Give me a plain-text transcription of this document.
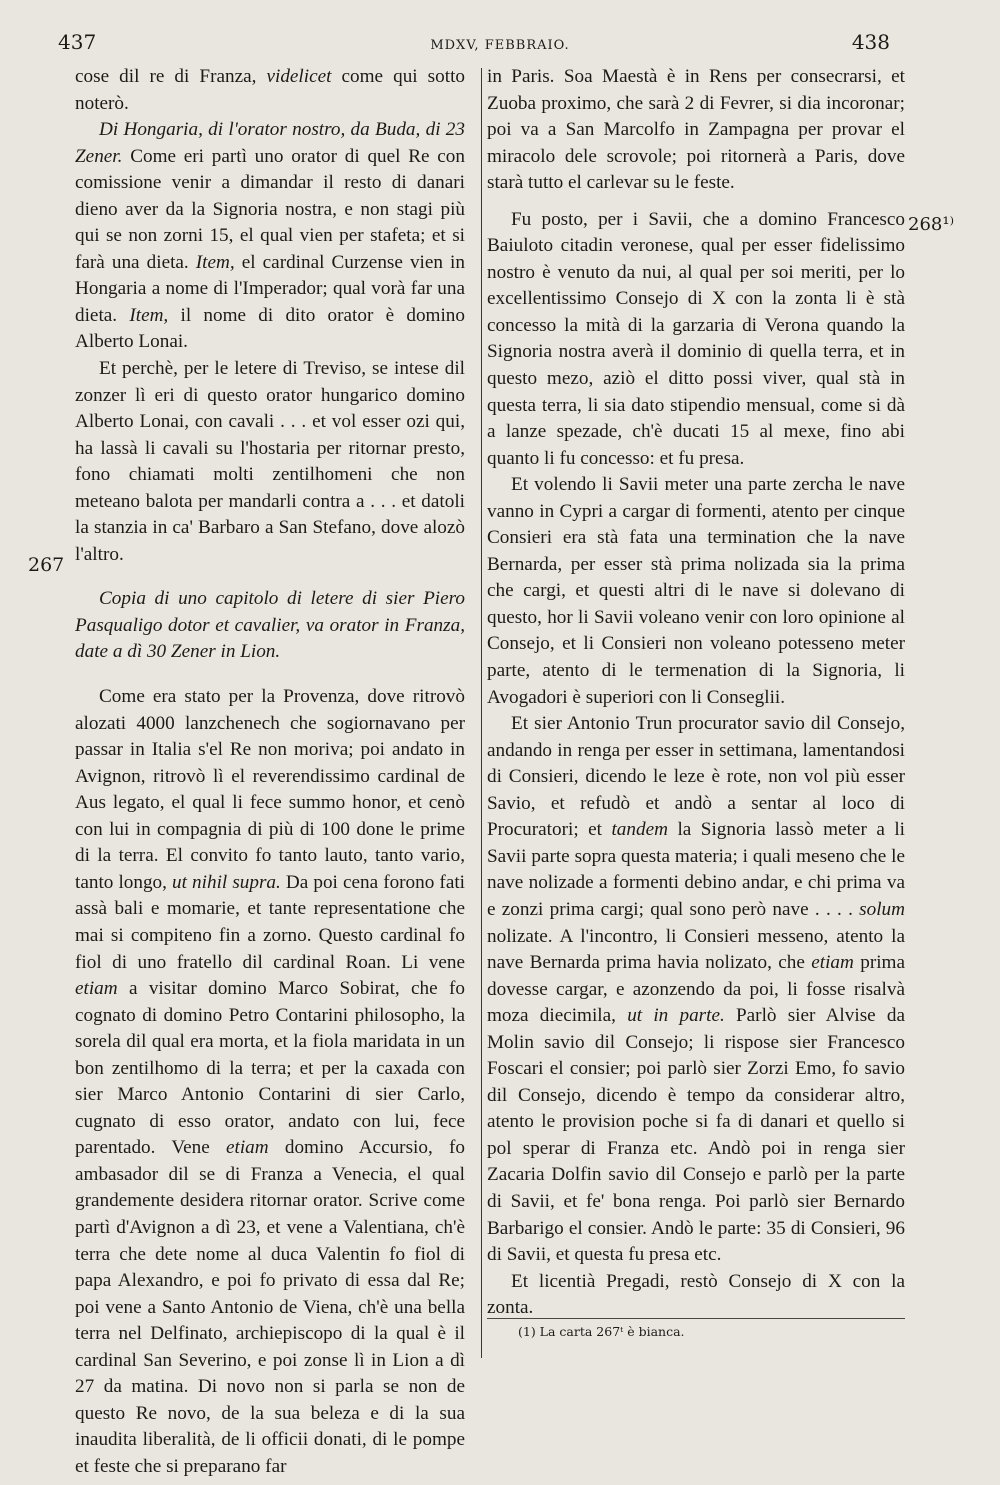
437	MDXV, FEBBRAIO.	438
267
268¹⁾

cose dil re di Franza, videlicet come qui sotto noterò.

Di Hongaria, di l'orator nostro, da Buda, di 23 Zener. Come eri partì uno orator di quel Re con comissione venir a dimandar il resto di danari dieno aver da la Signoria nostra, e non stagi più qui se non zorni 15, el qual vien per stafeta; et si farà una dieta. Item, el cardinal Curzense vien in Hongaria a nome di l'Imperador; qual vorà far una dieta. Item, il nome di dito orator è domino Alberto Lonai.

Et perchè, per le letere di Treviso, se intese dil zonzer lì eri di questo orator hungarico domino Alberto Lonai, con cavali . . . et vol esser ozi qui, ha lassà li cavali su l'hostaria per ritornar presto, fono chiamati molti zentilhomeni che non meteano balota per mandarli contra a . . . et datoli la stanzia in ca' Barbaro a San Stefano, dove alozò l'altro.

Copia di uno capitolo di letere di sier Piero Pasqualigo dotor et cavalier, va orator in Franza, date a dì 30 Zener in Lion.

Come era stato per la Provenza, dove ritrovò alozati 4000 lanzchenech che sogiornavano per passar in Italia s'el Re non moriva; poi andato in Avignon, ritrovò lì el reverendissimo cardinal de Aus legato, el qual li fece summo honor, et cenò con lui in compagnia di più di 100 done le prime di la terra. El convito fo tanto lauto, tanto vario, tanto longo, ut nihil supra. Da poi cena forono fati assà bali e momarie, et tante representatione che mai si compiteno fin a zorno. Questo cardinal fo fiol di uno fratello dil cardinal Roan. Li vene etiam a visitar domino Marco Sobirat, che fo cognato di domino Petro Contarini philosopho, la sorela dil qual era morta, et la fiola maridata in un bon zentilhomo di la terra; et per la caxada con sier Marco Antonio Contarini di sier Carlo, cugnato di esso orator, andato con lui, fece parentado. Vene etiam domino Accursio, fo ambasador dil se di Franza a Venecia, el qual grandemente desidera ritornar orator. Scrive come partì d'Avignon a dì 23, et vene a Valentiana, ch'è terra che dete nome al duca Valentin fo fiol di papa Alexandro, e poi fo privato di essa dal Re; poi vene a Santo Antonio de Viena, ch'è una bella terra nel Delfinato, archiepiscopo di la qual è il cardinal San Severino, e poi zonse lì in Lion a dì 27 da matina. Di novo non si parla se non de questo Re novo, de la sua beleza e di la sua inaudita liberalità, de li officii donati, di le pompe et feste che si preparano far

in Paris. Soa Maestà è in Rens per consecrarsi, et Zuoba proximo, che sarà 2 di Fevrer, si dia incoronar; poi va a San Marcolfo in Zampagna per provar el miracolo dele scrovole; poi ritornerà a Paris, dove starà tutto el carlevar su le feste.

Fu posto, per i Savii, che a domino Francesco Baiuloto citadin veronese, qual per esser fidelissimo nostro è venuto da nui, al qual per soi meriti, per lo excellentissimo Consejo di X con la zonta li è stà concesso la mità di la garzaria di Verona quando la Signoria nostra averà il dominio di quella terra, et in questo mezo, aziò el ditto possi viver, qual stà in questa terra, li sia dato stipendio mensual, come si dà a lanze spezade, ch'è ducati 15 al mexe, fino abi quanto li fu concesso: et fu presa.

Et volendo li Savii meter una parte zercha le nave vanno in Cypri a cargar di formenti, atento per cinque Consieri era stà fata una termination che la nave Bernarda, per esser stà prima nolizada sia la prima che cargi, et questi altri di le nave si dolevano di questo, hor li Savii voleano venir con loro opinione al Consejo, et li Consieri non voleano potesseno meter parte, atento di le termenation di la Signoria, li Avogadori è superiori con li Conseglii.

Et sier Antonio Trun procurator savio dil Consejo, andando in renga per esser in settimana, lamentandosi di Consieri, dicendo le leze è rote, non vol più esser Savio, et refudò et andò a sentar al loco di Procuratori; et tandem la Signoria lassò meter a li Savii parte sopra questa materia; i quali meseno che le nave nolizade a formenti debino andar, e chi prima va e zonzi prima cargi; qual sono però nave . . . . solum nolizate. A l'incontro, li Consieri messeno, atento la nave Bernarda prima havia nolizato, che etiam prima dovesse cargar, e azonzendo da poi, li fosse risalvà moza diecimila, ut in parte. Parlò sier Alvise da Molin savio dil Consejo; li rispose sier Francesco Foscari el consier; poi parlò sier Zorzi Emo, fo savio dil Consejo, dicendo è tempo da considerar altro, atento le provision poche si fa di danari et quello si pol sperar di Franza etc. Andò poi in renga sier Zacaria Dolfin savio dil Consejo e parlò per la parte di Savii, et fe' bona renga. Poi parlò sier Bernardo Barbarigo el consier. Andò le parte: 35 di Consieri, 96 di Savii, et questa fu presa etc.

Et licentià Pregadi, restò Consejo di X con la zonta.

(1) La carta 267ᵗ è bianca.
